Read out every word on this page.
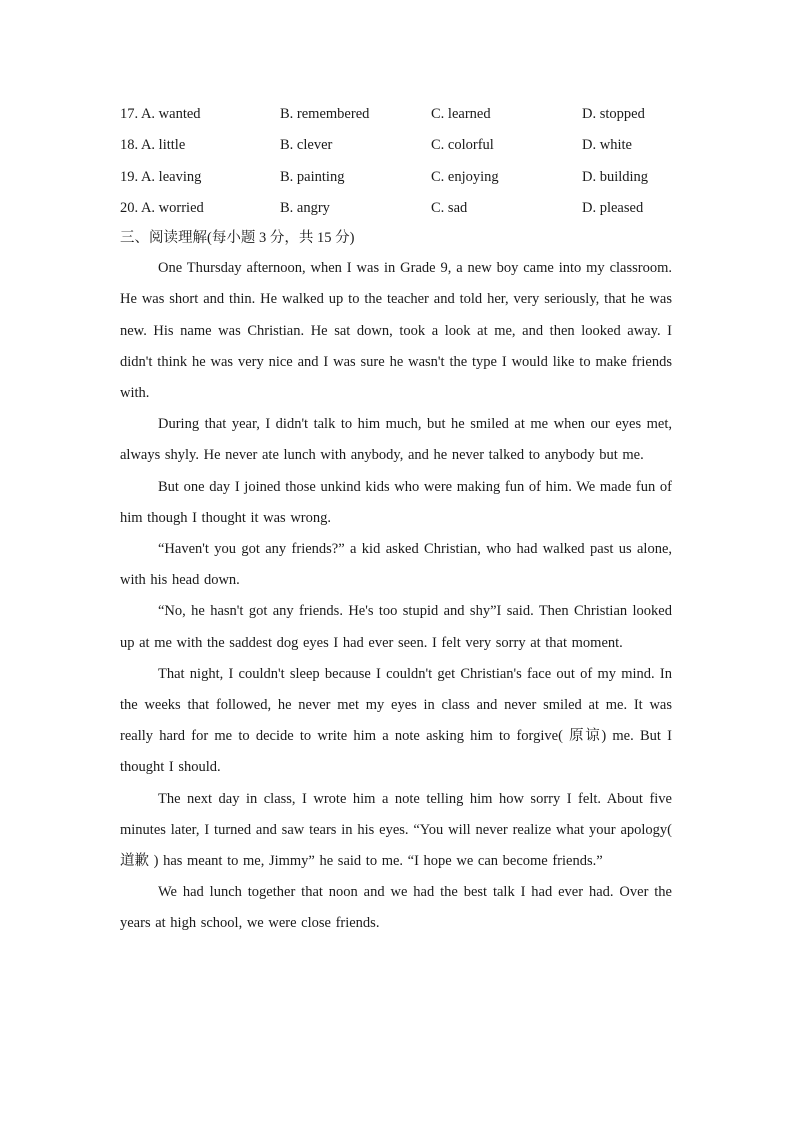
17. A. wanted	B. remembered	C. learned	D. stopped
18. A. little	B. clever	C. colorful	D. white
19. A. leaving	B. painting	C. enjoying	D. building
20. A. worried	B. angry	C. sad	D. pleased
三、阅读理解(每小题 3 分，共 15 分)

One Thursday afternoon, when I was in Grade 9, a new boy came into my classroom. He was short and thin. He walked up to the teacher and told her, very seriously, that he was new. His name was Christian. He sat down, took a look at me, and then looked away. I didn't think he was very nice and I was sure he wasn't the type I would like to make friends with.

During that year, I didn't talk to him much, but he smiled at me when our eyes met, always shyly. He never ate lunch with anybody, and he never talked to anybody but me.

But one day I joined those unkind kids who were making fun of him. We made fun of him though I thought it was wrong.

“Haven't you got any friends?” a kid asked Christian, who had walked past us alone, with his head down.

“No, he hasn't got any friends. He's too stupid and shy”I said. Then Christian looked up at me with the saddest dog eyes I had ever seen. I felt very sorry at that moment.

That night, I couldn't sleep because I couldn't get Christian's face out of my mind. In the weeks that followed, he never met my eyes in class and never smiled at me. It was really hard for me to decide to write him a note asking him to forgive( 原谅) me. But I thought I should.

The next day in class, I wrote him a note telling him how sorry I felt. About five minutes later, I turned and saw tears in his eyes. “You will never realize what your apology( 道歉 ) has meant to me, Jimmy” he said to me. “I hope we can become friends.”

We had lunch together that noon and we had the best talk I had ever had. Over the years at high school, we were close friends.
